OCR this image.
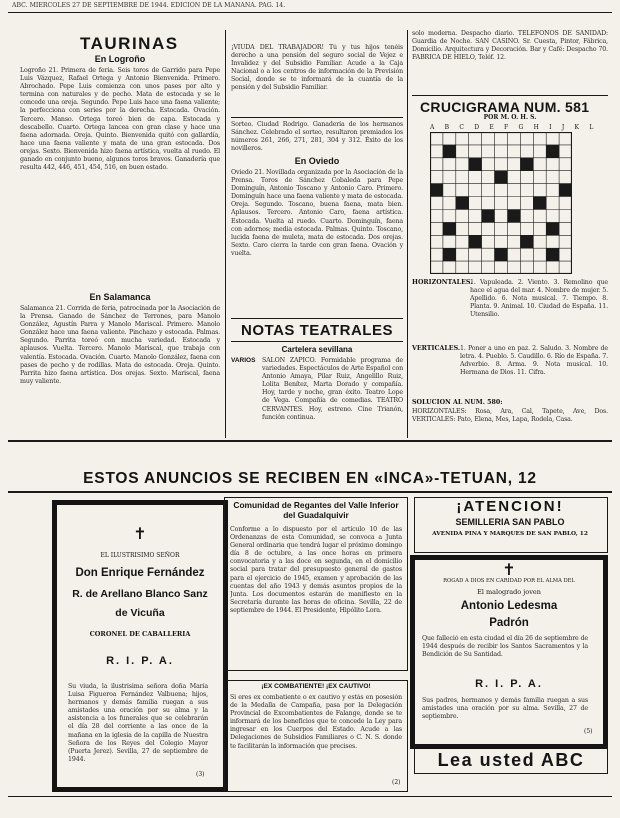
ABC. MIERCOLES 27 DE SEPTIEMBRE DE 1944. EDICION DE LA MAÑANA. PAG. 14.
TAURINAS
En Logroño
Logroño 21. Primera de feria. Seis toros de Garrido para Pepe Luis Vázquez, Rafael Ortega y Antonio Bienvenida. Primero. Abrochado. Pepe Luis comienza con unos pases por alto y termina con naturales y de pecho. Mata de estocada y se le concede una oreja. Segundo. Pepe Luis hace una faena valiente; la perfecciona con series por la derecha. Estocada. Ovación. Tercero. Manso. Ortega toreó bien de capa. Estocada y descabello. Cuarto. Ortega lancea con gran clase y hace una faena adornada. Oreja. Quinto. Bienvenida quitó con gallardía, hace una faena valiente y mata de una gran estocada. Dos orejas. Sexto. Bienvenida hizo faena artística, vuelta al ruedo. El ganado en conjunto bueno, algunos toros bravos. Ganadería que resulta 442, 446, 451, 454, 516, en buen estado.
En Salamanca
Salamanca 21. Corrida de feria, patrocinada por la Asociación de la Prensa. Ganado de Sánchez de Terrones, para Manolo González, Agustín Parra y Manolo Mariscal. Primero. Manolo González hace una faena valiente. Pinchazo y estocada. Palmas. Segundo. Parrita toreó con mucha variedad. Estocada y aplausos. Vuelta. Tercero. Manolo Mariscal, que trabaja con valentía. Estocada. Ovación. Cuarto. Manolo González, faena con pases de pecho y de rodillas. Mata de estocada. Oreja. Quinto. Parrita hizo faena artística. Dos orejas. Sexto. Mariscal, faena muy valiente.
¡VIUDA DEL TRABAJADOR! Tú y tus hijos tenéis derecho a una pensión del seguro social de Vejez e Invalidez y del Subsidio Familiar. Acude a la Caja Nacional o a los centros de información de la Previsión Social, donde se te informará de la cuantía de la pensión y del Subsidio Familiar.
Sorteo. Ciudad Rodrigo. Ganadería de los hermanos Sánchez. Celebrado el sorteo, resultaron premiados los números 261, 266, 271, 281, 304 y 312. Éxito de los novilleros.
En Oviedo
Oviedo 21. Novillada organizada por la Asociación de la Prensa. Toros de Sánchez Cobaleda para Pepe Dominguín, Antonio Toscano y Antonio Caro. Primero. Dominguín hace una faena valiente y mata de estocada. Oreja. Segundo. Toscano, buena faena, mata bien. Aplausos. Tercero. Antonio Caro, faena artística. Estocada. Vuelta al ruedo. Cuarto. Dominguín, faena con adornos; media estocada. Palmas. Quinto. Toscano, lucida faena de muleta, mata de estocada. Dos orejas. Sexto. Caro cierra la tarde con gran faena. Ovación y vuelta.
NOTAS TEATRALES
Cartelera sevillana
VARIOS SALON ZAPICO. Formidable programa de variedades. Espectáculos de Arte Español con Antonio Amaya, Pilar Ruiz, Angelillo Ruiz, Lolita Benítez, Marta Dorado y compañía. Hoy, tarde y noche, gran éxito. Teatro Lope de Vega. Compañía de comedias. TEATRO CERVANTES. Hoy, estreno. Cine Trianón, función continua.
solo moderna. Despacho diario. TELEFONOS DE SANIDAD: Guardia de Noche. SAN CASINO. Sr. Cuesta, Pintor, Fábrica, Domicilio. Arquitectura y Decoración. Bar y Café: Despacho 70. FABRICA DE HIELO, Teléf. 12.
CRUCIGRAMA NUM. 581
POR M. O. H. S.
A B C D E F G H I J K L
HORIZONTALES.
1. Vapuleada. 2. Viento. 3. Remolino que hace el agua del mar. 4. Nombre de mujer. 5. Apellido. 6. Nota musical. 7. Tiempo. 8. Planta. 9. Animal. 10. Ciudad de España. 11. Utensilio.
VERTICALES. 1. Poner a uno en paz. 2. Saludo. 3. Nombre de letra. 4. Pueblo. 5. Caudillo. 6. Río de España. 7. Adverbio. 8. Arma. 9. Nota musical. 10. Hermana de Dios. 11. Cifra.
SOLUCION AL NUM. 580:
HORIZONTALES: Rosa, Ara, Cal, Tapete, Ave, Dos. VERTICALES: Pato, Elena, Mes, Lapa, Rodela, Casa.
ESTOS ANUNCIOS SE RECIBEN EN «INCA»-TETUAN, 12
✝
EL ILUSTRISIMO SEÑOR
Don Enrique Fernández
R. de Arellano Blanco Sanz
de Vicuña
CORONEL DE CABALLERIA
R. I. P. A.
Su viuda, la ilustrísima señora doña María Luisa Figueroa Fernández Valbuena; hijos, hermanos y demás familia ruegan a sus amistades una oración por su alma y la asistencia a los funerales que se celebrarán el día 28 del corriente a las once de la mañana en la iglesia de la capilla de Nuestra Señora de los Reyes del Colegio Mayor (Puerta Jerez). Sevilla, 27 de septiembre de 1944.
(3)
Comunidad de Regantes del Valle Inferior del Guadalquivir
Conforme a lo dispuesto por el artículo 10 de las Ordenanzas de esta Comunidad, se convoca a Junta General ordinaria que tendrá lugar el próximo domingo día 8 de octubre, a las once horas en primera convocatoria y a las doce en segunda, en el domicilio social para tratar del presupuesto general de gastos para el ejercicio de 1945, examen y aprobación de las cuentas del año 1943 y demás asuntos propios de la Junta. Los documentos estarán de manifiesto en la Secretaría durante las horas de oficina. Sevilla, 22 de septiembre de 1944. El Presidente, Hipólito Lora.
¡EX COMBATIENTE! ¡EX CAUTIVO!
Si eres ex combatiente o ex cautivo y estás en posesión de la Medalla de Campaña, pasa por la Delegación Provincial de Excombatientes de Falange, donde se te informará de los beneficios que te concede la Ley para ingresar en los Cuerpos del Estado. Acude a las Delegaciones de Subsidios Familiares o C. N. S. donde te facilitarán la información que precises.
(2)
¡ATENCION!
SEMILLERIA SAN PABLO
AVENIDA PINA Y MARQUES DE SAN PABLO, 12
✝
ROGAD A DIOS EN CARIDAD POR EL ALMA DEL
El malogrado joven
Antonio Ledesma
Padrón
Que falleció en esta ciudad el día 26 de septiembre de 1944 después de recibir los Santos Sacramentos y la Bendición de Su Santidad.
R. I. P. A.
Sus padres, hermanos y demás familia ruegan a sus amistades una oración por su alma. Sevilla, 27 de septiembre.
(5)
Lea usted ABC
